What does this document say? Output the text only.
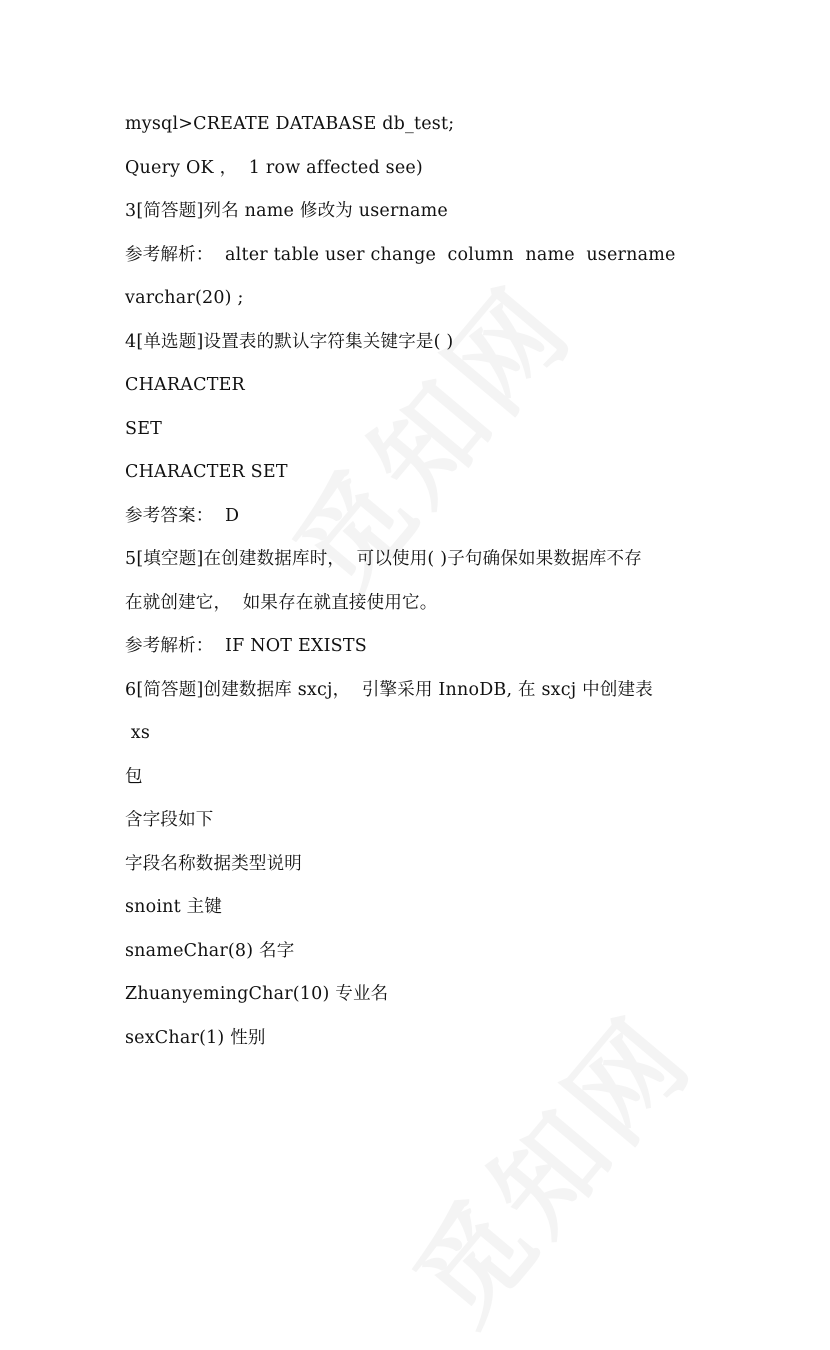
mysql>CREATE DATABASE db_test;
Query OK ，  1 row affected see)
3[简答题]列名 name 修改为 username
参考解析：  alter table user change  column  name  username
varchar(20) ;
4[单选题]设置表的默认字符集关键字是( )
CHARACTER
SET
CHARACTER SET
参考答案：  D
5[填空题]在创建数据库时，  可以使用( )子句确保如果数据库不存
在就创建它，  如果存在就直接使用它。
参考解析：  IF NOT EXISTS
6[简答题]创建数据库 sxcj，  引擎采用 InnoDB, 在 sxcj 中创建表
xs
包
含字段如下
字段名称数据类型说明
snoint 主键
snameChar(8) 名字
ZhuanyemingChar(10) 专业名
sexChar(1) 性别
